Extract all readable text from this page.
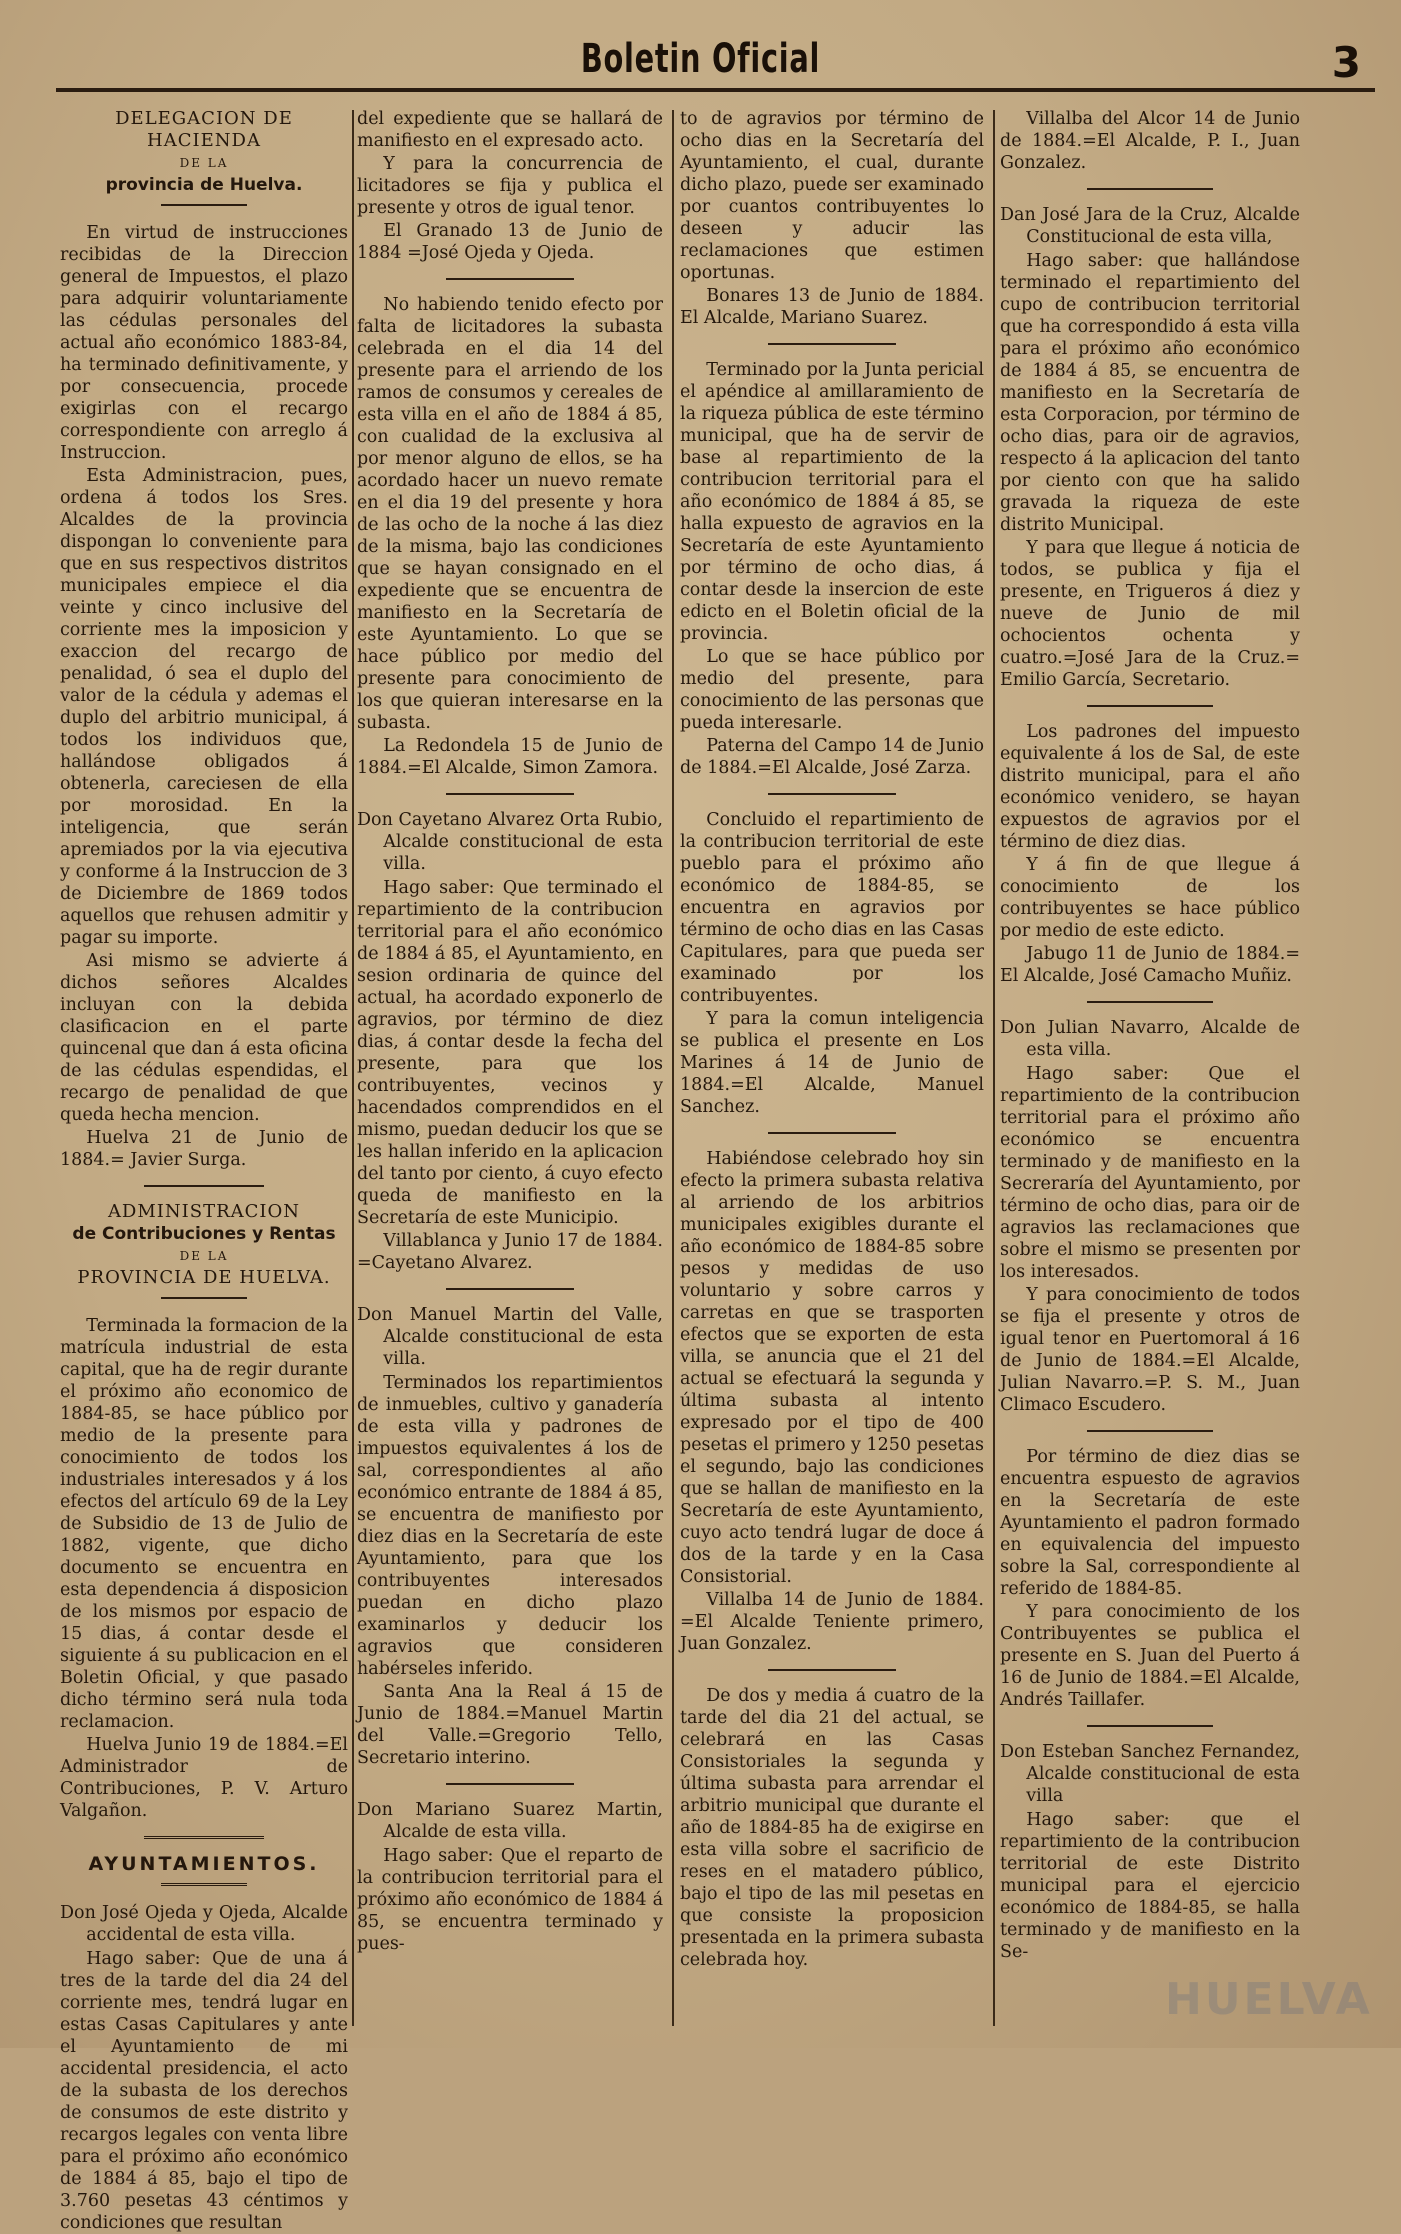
Boletin Oficial	3
DELEGACION DE HACIENDA
DE LA
provincia de Huelva.

En virtud de instrucciones recibidas de la Direccion general de Impuestos, el plazo para adquirir voluntariamente las cédulas personales del actual año económico 1883-84, ha terminado definitivamente, y por consecuencia, procede exigirlas con el recargo correspondiente con arreglo á Instruccion.

Esta Administracion, pues, ordena á todos los Sres. Alcaldes de la provincia dispongan lo conveniente para que en sus respectivos distritos municipales empiece el dia veinte y cinco inclusive del corriente mes la imposicion y exaccion del recargo de penalidad, ó sea el duplo del valor de la cédula y ademas el duplo del arbitrio municipal, á todos los individuos que, hallándose obligados á obtenerla, careciesen de ella por morosidad. En la inteligencia, que serán apremiados por la via ejecutiva y conforme á la Instruccion de 3 de Diciembre de 1869 todos aquellos que rehusen admitir y pagar su importe.

Asi mismo se advierte á dichos señores Alcaldes incluyan con la debida clasificacion en el parte quincenal que dan á esta oficina de las cédulas espendidas, el recargo de penalidad de que queda hecha mencion.

Huelva 21 de Junio de 1884.= Javier Surga.

ADMINISTRACION
de Contribuciones y Rentas
DE LA
PROVINCIA DE HUELVA.

Terminada la formacion de la matrícula industrial de esta capital, que ha de regir durante el próximo año economico de 1884-85, se hace público por medio de la presente para conocimiento de todos los industriales interesados y á los efectos del artículo 69 de la Ley de Subsidio de 13 de Julio de 1882, vigente, que dicho documento se encuentra en esta dependencia á disposicion de los mismos por espacio de 15 dias, á contar desde el siguiente á su publicacion en el Boletin Oficial, y que pasado dicho término será nula toda reclamacion.

Huelva Junio 19 de 1884.=El Administrador de Contribuciones, P. V. Arturo Valgañon.

AYUNTAMIENTOS.
Don José Ojeda y Ojeda, Alcalde accidental de esta villa.

Hago saber: Que de una á tres de la tarde del dia 24 del corriente mes, tendrá lugar en estas Casas Capitulares y ante el Ayuntamiento de mi accidental presidencia, el acto de la subasta de los derechos de consumos de este distrito y recargos legales con venta libre para el próximo año económico de 1884 á 85, bajo el tipo de 3.760 pesetas 43 céntimos y condiciones que resultan

del expediente que se hallará de manifiesto en el expresado acto.

Y para la concurrencia de licitadores se fija y publica el presente y otros de igual tenor.

El Granado 13 de Junio de 1884 =José Ojeda y Ojeda.

No habiendo tenido efecto por falta de licitadores la subasta celebrada en el dia 14 del presente para el arriendo de los ramos de consumos y cereales de esta villa en el año de 1884 á 85, con cualidad de la exclusiva al por menor alguno de ellos, se ha acordado hacer un nuevo remate en el dia 19 del presente y hora de las ocho de la noche á las diez de la misma, bajo las condiciones que se hayan consignado en el expediente que se encuentra de manifiesto en la Secretaría de este Ayuntamiento. Lo que se hace público por medio del presente para conocimiento de los que quieran interesarse en la subasta.

La Redondela 15 de Junio de 1884.=El Alcalde, Simon Zamora.

Don Cayetano Alvarez Orta Rubio, Alcalde constitucional de esta villa.

Hago saber: Que terminado el repartimiento de la contribucion territorial para el año económico de 1884 á 85, el Ayuntamiento, en sesion ordinaria de quince del actual, ha acordado exponerlo de agravios, por término de diez dias, á contar desde la fecha del presente, para que los contribuyentes, vecinos y hacendados comprendidos en el mismo, puedan deducir los que se les hallan inferido en la aplicacion del tanto por ciento, á cuyo efecto queda de manifiesto en la Secretaría de este Municipio.

Villablanca y Junio 17 de 1884. =Cayetano Alvarez.

Don Manuel Martin del Valle, Alcalde constitucional de esta villa.

Terminados los repartimientos de inmuebles, cultivo y ganadería de esta villa y padrones de impuestos equivalentes á los de sal, correspondientes al año económico entrante de 1884 á 85, se encuentra de manifiesto por diez dias en la Secretaría de este Ayuntamiento, para que los contribuyentes interesados puedan en dicho plazo examinarlos y deducir los agravios que consideren habérseles inferido.

Santa Ana la Real á 15 de Junio de 1884.=Manuel Martin del Valle.=Gregorio Tello, Secretario interino.

Don Mariano Suarez Martin, Alcalde de esta villa.

Hago saber: Que el reparto de la contribucion territorial para el próximo año económico de 1884 á 85, se encuentra terminado y pues-

to de agravios por término de ocho dias en la Secretaría del Ayuntamiento, el cual, durante dicho plazo, puede ser examinado por cuantos contribuyentes lo deseen y aducir las reclamaciones que estimen oportunas.

Bonares 13 de Junio de 1884. El Alcalde, Mariano Suarez.

Terminado por la Junta pericial el apéndice al amillaramiento de la riqueza pública de este término municipal, que ha de servir de base al repartimiento de la contribucion territorial para el año económico de 1884 á 85, se halla expuesto de agravios en la Secretaría de este Ayuntamiento por término de ocho dias, á contar desde la insercion de este edicto en el Boletin oficial de la provincia.

Lo que se hace público por medio del presente, para conocimiento de las personas que pueda interesarle.

Paterna del Campo 14 de Junio de 1884.=El Alcalde, José Zarza.

Concluido el repartimiento de la contribucion territorial de este pueblo para el próximo año económico de 1884-85, se encuentra en agravios por término de ocho dias en las Casas Capitulares, para que pueda ser examinado por los contribuyentes.

Y para la comun inteligencia se publica el presente en Los Marines á 14 de Junio de 1884.=El Alcalde, Manuel Sanchez.

Habiéndose celebrado hoy sin efecto la primera subasta relativa al arriendo de los arbitrios municipales exigibles durante el año económico de 1884-85 sobre pesos y medidas de uso voluntario y sobre carros y carretas en que se trasporten efectos que se exporten de esta villa, se anuncia que el 21 del actual se efectuará la segunda y última subasta al intento expresado por el tipo de 400 pesetas el primero y 1250 pesetas el segundo, bajo las condiciones que se hallan de manifiesto en la Secretaría de este Ayuntamiento, cuyo acto tendrá lugar de doce á dos de la tarde y en la Casa Consistorial.

Villalba 14 de Junio de 1884. =El Alcalde Teniente primero, Juan Gonzalez.

De dos y media á cuatro de la tarde del dia 21 del actual, se celebrará en las Casas Consistoriales la segunda y última subasta para arrendar el arbitrio municipal que durante el año de 1884-85 ha de exigirse en esta villa sobre el sacrificio de reses en el matadero público, bajo el tipo de las mil pesetas en que consiste la proposicion presentada en la primera subasta celebrada hoy.

Villalba del Alcor 14 de Junio de 1884.=El Alcalde, P. I., Juan Gonzalez.

Dan José Jara de la Cruz, Alcalde Constitucional de esta villa,

Hago saber: que hallándose terminado el repartimiento del cupo de contribucion territorial que ha correspondido á esta villa para el próximo año económico de 1884 á 85, se encuentra de manifiesto en la Secretaría de esta Corporacion, por término de ocho dias, para oir de agravios, respecto á la aplicacion del tanto por ciento con que ha salido gravada la riqueza de este distrito Municipal.

Y para que llegue á noticia de todos, se publica y fija el presente, en Trigueros á diez y nueve de Junio de mil ochocientos ochenta y cuatro.=José Jara de la Cruz.= Emilio García, Secretario.

Los padrones del impuesto equivalente á los de Sal, de este distrito municipal, para el año económico venidero, se hayan expuestos de agravios por el término de diez dias.

Y á fin de que llegue á conocimiento de los contribuyentes se hace público por medio de este edicto.

Jabugo 11 de Junio de 1884.= El Alcalde, José Camacho Muñiz.

Don Julian Navarro, Alcalde de esta villa.

Hago saber: Que el repartimiento de la contribucion territorial para el próximo año económico se encuentra terminado y de manifiesto en la Secreraría del Ayuntamiento, por término de ocho dias, para oir de agravios las reclamaciones que sobre el mismo se presenten por los interesados.

Y para conocimiento de todos se fija el presente y otros de igual tenor en Puertomoral á 16 de Junio de 1884.=El Alcalde, Julian Navarro.=P. S. M., Juan Climaco Escudero.

Por término de diez dias se encuentra espuesto de agravios en la Secretaría de este Ayuntamiento el padron formado en equivalencia del impuesto sobre la Sal, correspondiente al referido de 1884-85.

Y para conocimiento de los Contribuyentes se publica el presente en S. Juan del Puerto á 16 de Junio de 1884.=El Alcalde, Andrés Taillafer.

Don Esteban Sanchez Fernandez, Alcalde constitucional de esta villa

Hago saber: que el repartimiento de la contribucion territorial de este Distrito municipal para el ejercicio económico de 1884-85, se halla terminado y de manifiesto en la Se-

HUELVA
